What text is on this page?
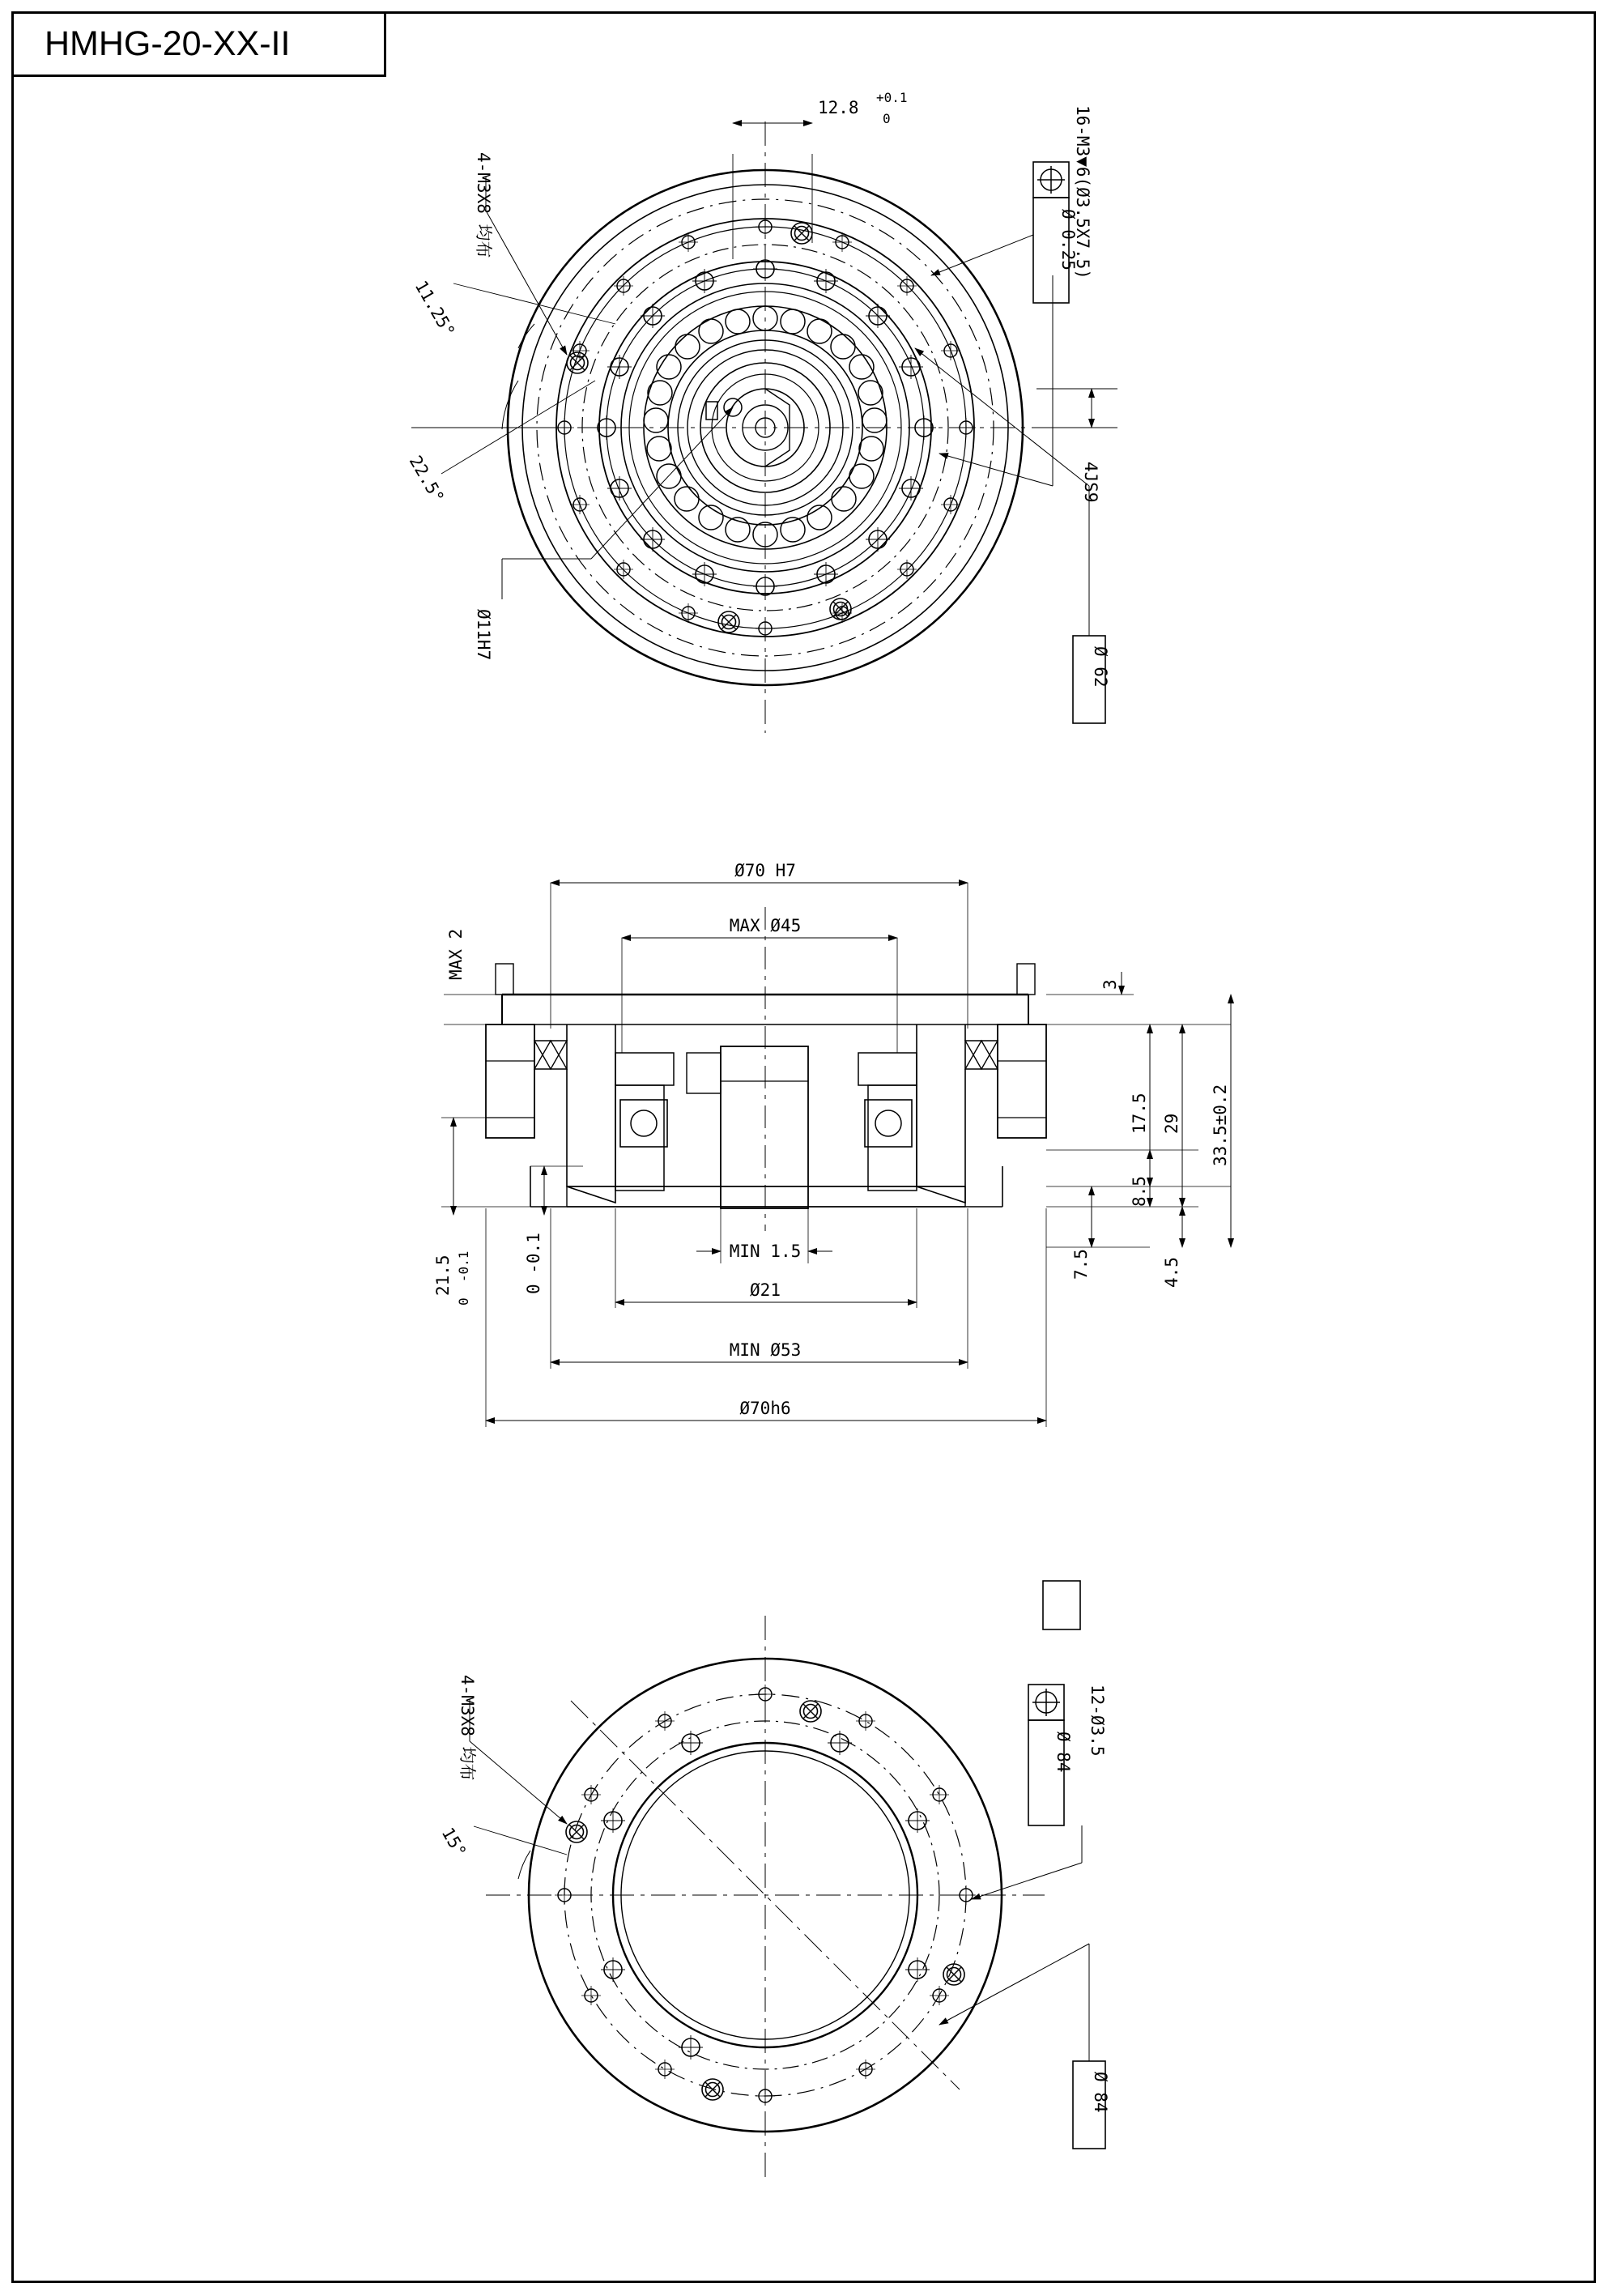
HMHG-20-XX-II
12.8
+0.1
0	16-M3▼6(Ø3.5X7.5)
Ø 0.25
4-M3X8 均布
11.25°
22.5°	4JS9
Ø11H7
Ø 62
Ø70 H7
MAX Ø45
MAX 2
3
17.5 29 33.5±0.2
8.5
7.5	4.5
21.5 0  -0.1	0 -0.1	MIN 1.5
Ø21
MIN Ø53
Ø70h6
4-M3X8 均布
15°
Ø 84 12-Ø3.5
Ø 84
